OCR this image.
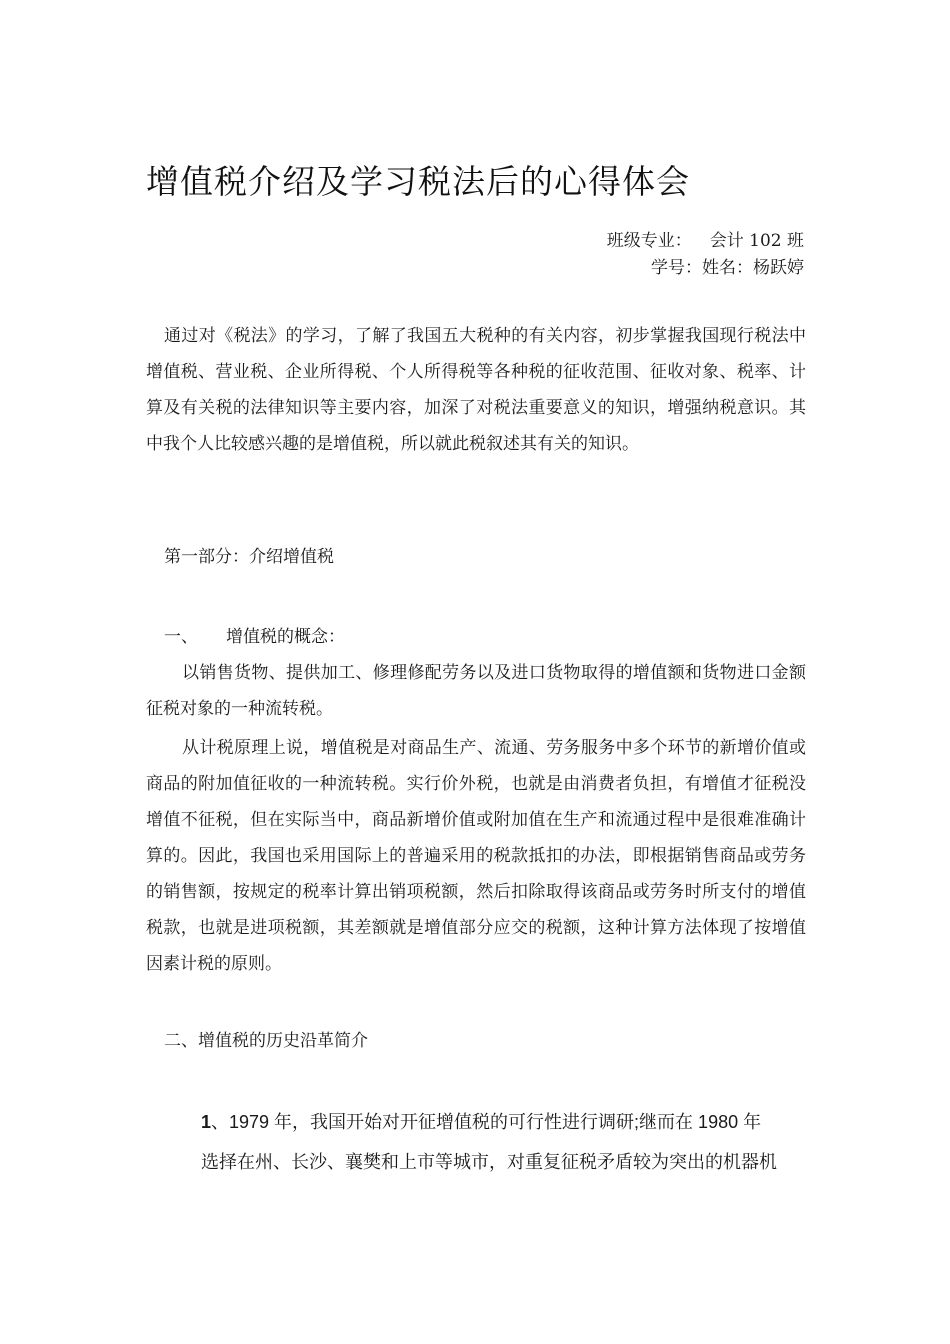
增值税介绍及学习税法后的心得体会
班级专业： 会计 102 班
学号：姓名：杨跃婷

通过对《税法》的学习，了解了我国五大税种的有关内容，初步掌握我国现行税法中增值税、营业税、企业所得税、个人所得税等各种税的征收范围、征收对象、税率、计算及有关税的法律知识等主要内容，加深了对税法重要意义的知识，增强纳税意识。其中我个人比较感兴趣的是增值税，所以就此税叙述其有关的知识。

第一部分：介绍增值税

一、 增值税的概念：

以销售货物、提供加工、修理修配劳务以及进口货物取得的增值额和货物进口金额征税对象的一种流转税。

从计税原理上说，增值税是对商品生产、流通、劳务服务中多个环节的新增价值或商品的附加值征收的一种流转税。实行价外税，也就是由消费者负担，有增值才征税没增值不征税，但在实际当中，商品新增价值或附加值在生产和流通过程中是很难准确计算的。因此，我国也采用国际上的普遍采用的税款抵扣的办法，即根据销售商品或劳务的销售额，按规定的税率计算出销项税额，然后扣除取得该商品或劳务时所支付的增值税款，也就是进项税额，其差额就是增值部分应交的税额，这种计算方法体现了按增值因素计税的原则。

二、增值税的历史沿革简介

1、1979 年，我国开始对开征增值税的可行性进行调研;继而在 1980 年
选择在州、长沙、襄樊和上市等城市，对重复征税矛盾较为突出的机器机
